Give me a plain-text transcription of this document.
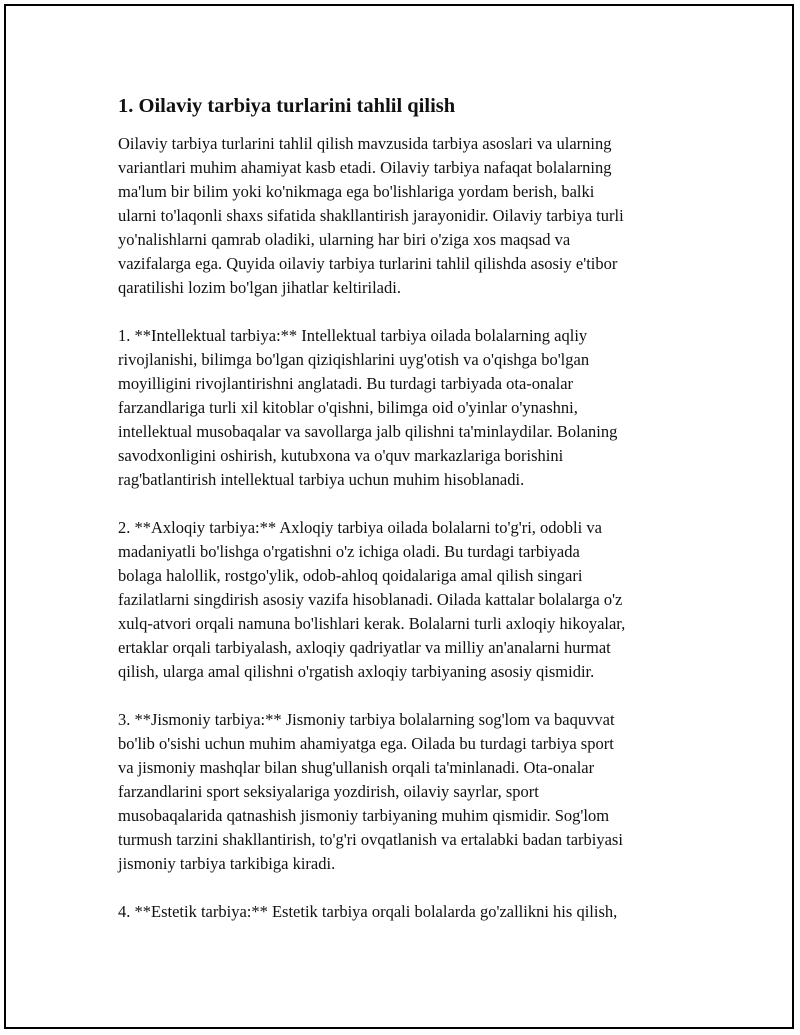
1. Oilaviy tarbiya turlarini tahlil qilish

Oilaviy tarbiya turlarini tahlil qilish mavzusida tarbiya asoslari va ularning
variantlari muhim ahamiyat kasb etadi. Oilaviy tarbiya nafaqat bolalarning
ma'lum bir bilim yoki ko'nikmaga ega bo'lishlariga yordam berish, balki
ularni to'laqonli shaxs sifatida shakllantirish jarayonidir. Oilaviy tarbiya turli
yo'nalishlarni qamrab oladiki, ularning har biri o'ziga xos maqsad va
vazifalarga ega. Quyida oilaviy tarbiya turlarini tahlil qilishda asosiy e'tibor
qaratilishi lozim bo'lgan jihatlar keltiriladi.

1. **Intellektual tarbiya:** Intellektual tarbiya oilada bolalarning aqliy
rivojlanishi, bilimga bo'lgan qiziqishlarini uyg'otish va o'qishga bo'lgan
moyilligini rivojlantirishni anglatadi. Bu turdagi tarbiyada ota-onalar
farzandlariga turli xil kitoblar o'qishni, bilimga oid o'yinlar o'ynashni,
intellektual musobaqalar va savollarga jalb qilishni ta'minlaydilar. Bolaning
savodxonligini oshirish, kutubxona va o'quv markazlariga borishini
rag'batlantirish intellektual tarbiya uchun muhim hisoblanadi.

2. **Axloqiy tarbiya:** Axloqiy tarbiya oilada bolalarni to'g'ri, odobli va
madaniyatli bo'lishga o'rgatishni o'z ichiga oladi. Bu turdagi tarbiyada
bolaga halollik, rostgo'ylik, odob-ahloq qoidalariga amal qilish singari
fazilatlarni singdirish asosiy vazifa hisoblanadi. Oilada kattalar bolalarga o'z
xulq-atvori orqali namuna bo'lishlari kerak. Bolalarni turli axloqiy hikoyalar,
ertaklar orqali tarbiyalash, axloqiy qadriyatlar va milliy an'analarni hurmat
qilish, ularga amal qilishni o'rgatish axloqiy tarbiyaning asosiy qismidir.

3. **Jismoniy tarbiya:** Jismoniy tarbiya bolalarning sog'lom va baquvvat
bo'lib o'sishi uchun muhim ahamiyatga ega. Oilada bu turdagi tarbiya sport
va jismoniy mashqlar bilan shug'ullanish orqali ta'minlanadi. Ota-onalar
farzandlarini sport seksiyalariga yozdirish, oilaviy sayrlar, sport
musobaqalarida qatnashish jismoniy tarbiyaning muhim qismidir. Sog'lom
turmush tarzini shakllantirish, to'g'ri ovqatlanish va ertalabki badan tarbiyasi
jismoniy tarbiya tarkibiga kiradi.

4. **Estetik tarbiya:** Estetik tarbiya orqali bolalarda go'zallikni his qilish,
